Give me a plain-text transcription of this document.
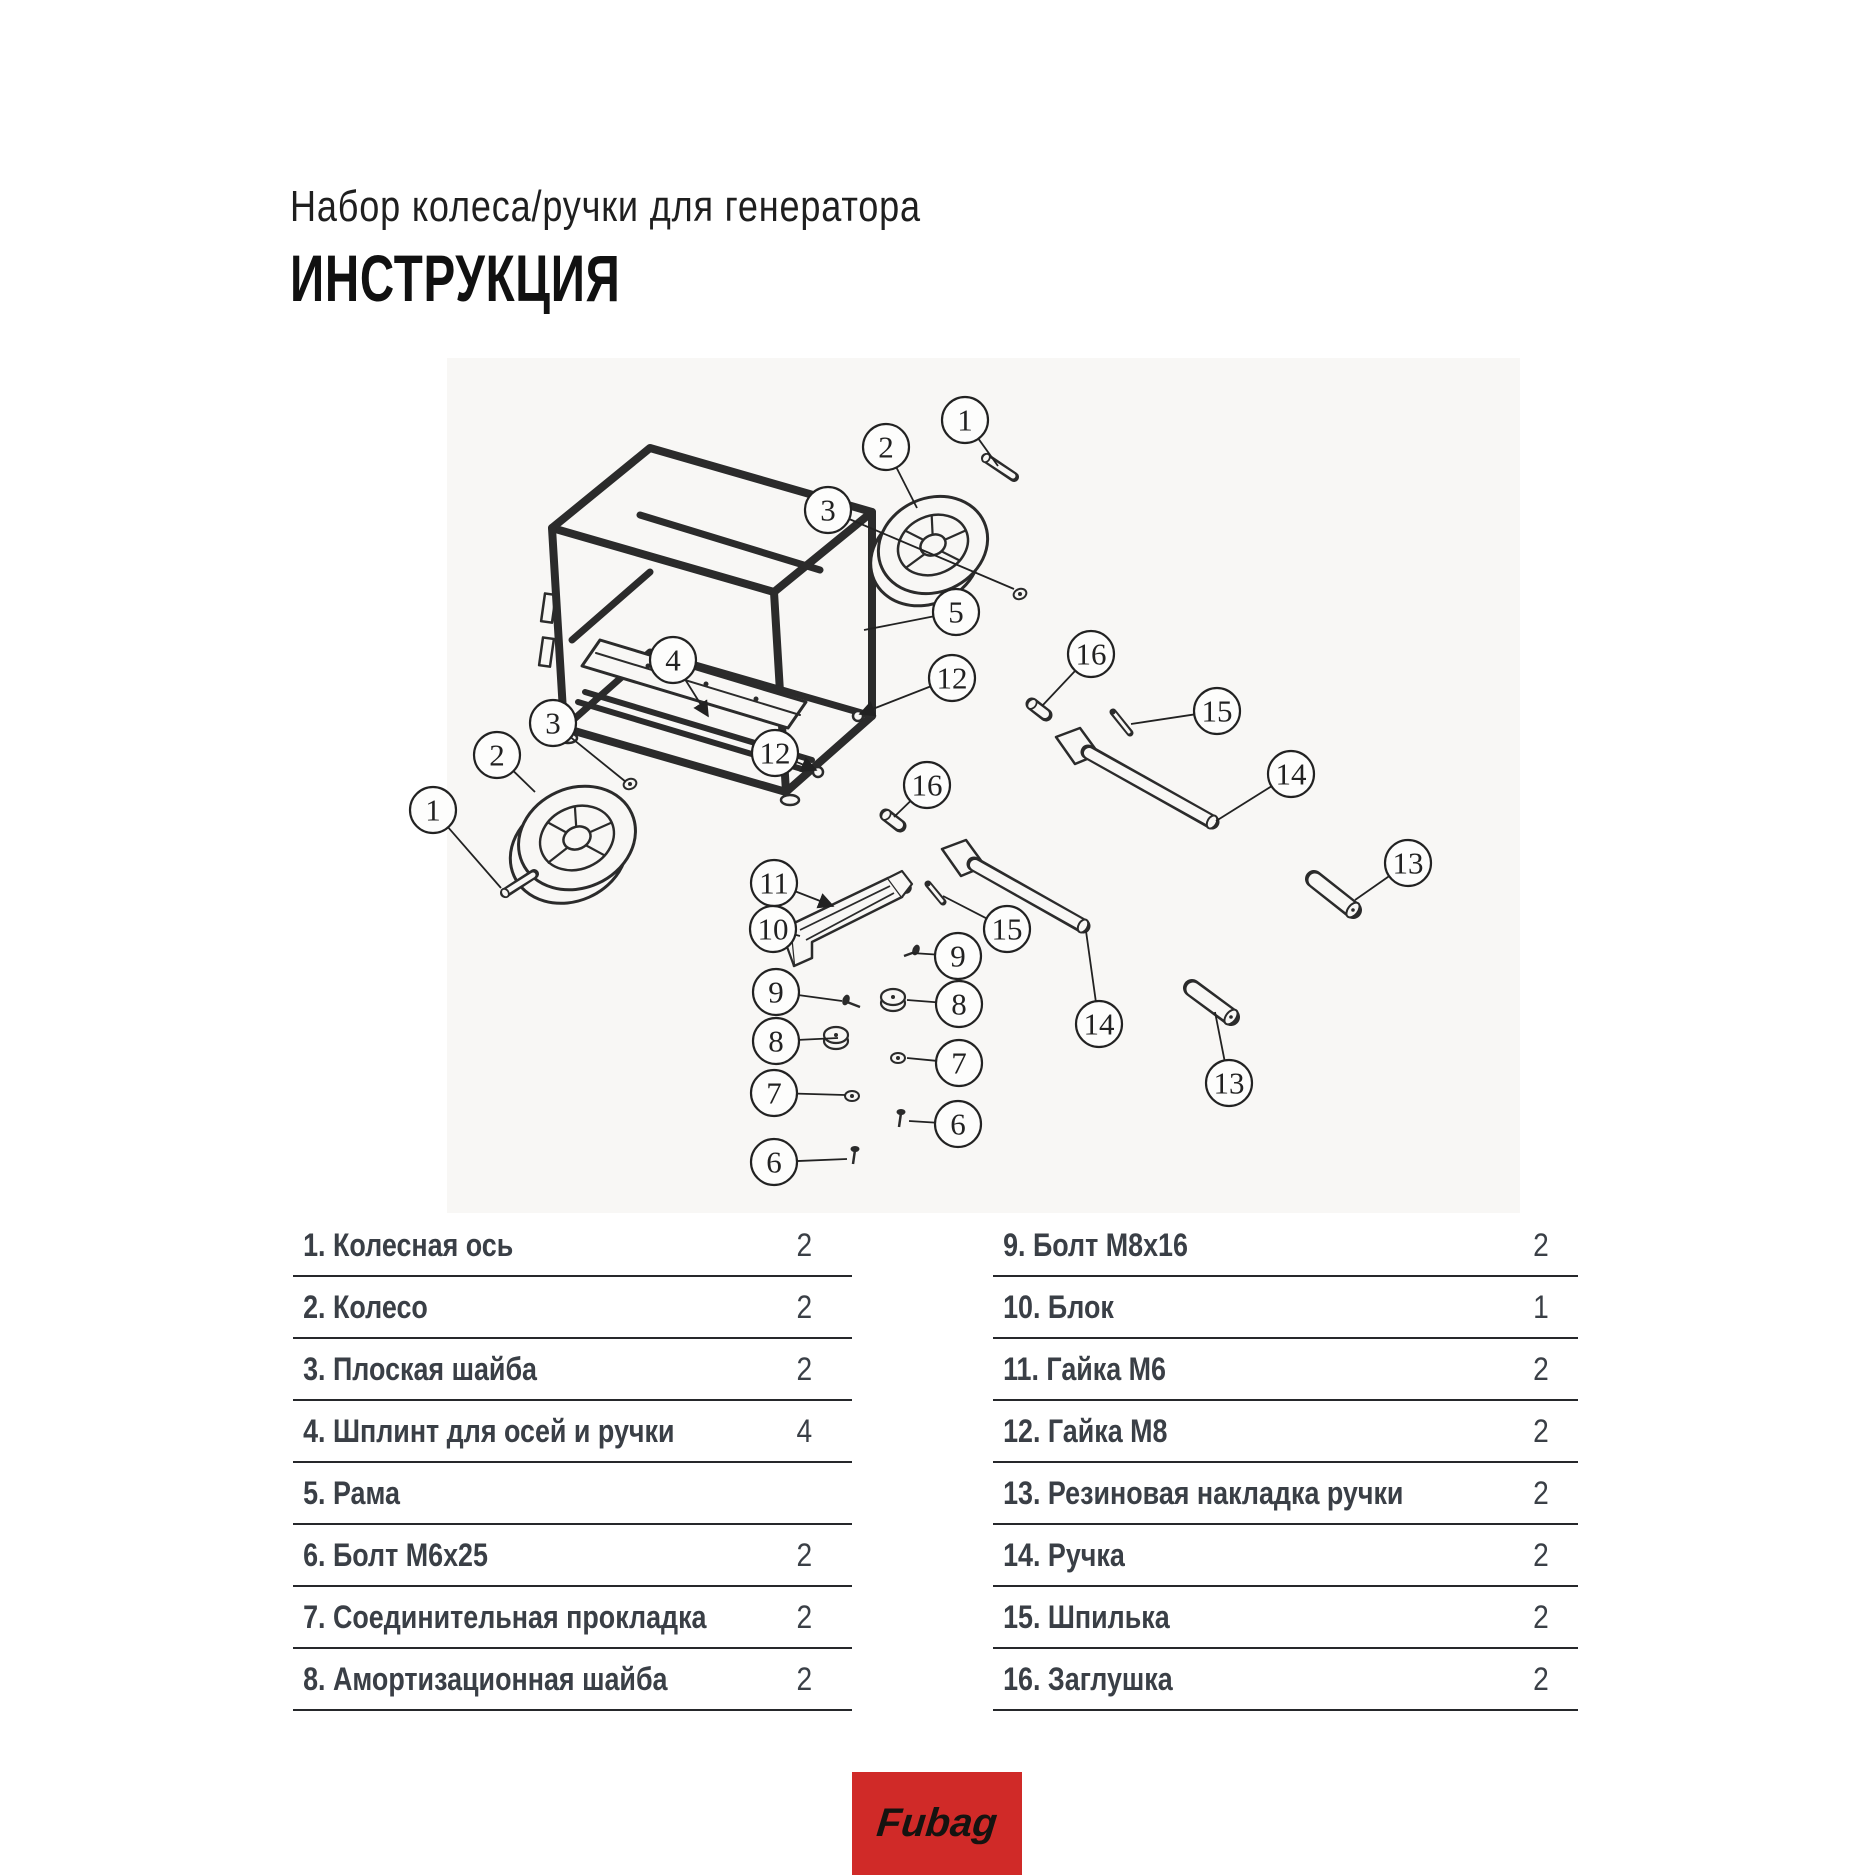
Набор колеса/ручки для генератора
ИНСТРУКЦИЯ
1
2
3
4
5
12
16
15
14
13
3
2
1
12
16
11
10
9
8
7
6
9
8
7
6
15
14
13
1. Колесная ось	2
2. Колесо	2
3. Плоская шайба	2
4. Шплинт для осей и ручки	4
5. Рама
6. Болт М6х25	2
7. Соединительная прокладка	2
8. Амортизационная шайба	2
9. Болт М8х16	2
10. Блок	1
11. Гайка М6	2
12. Гайка М8	2
13. Резиновая накладка ручки	2
14. Ручка	2
15. Шпилька	2
16. Заглушка	2
Fubag
